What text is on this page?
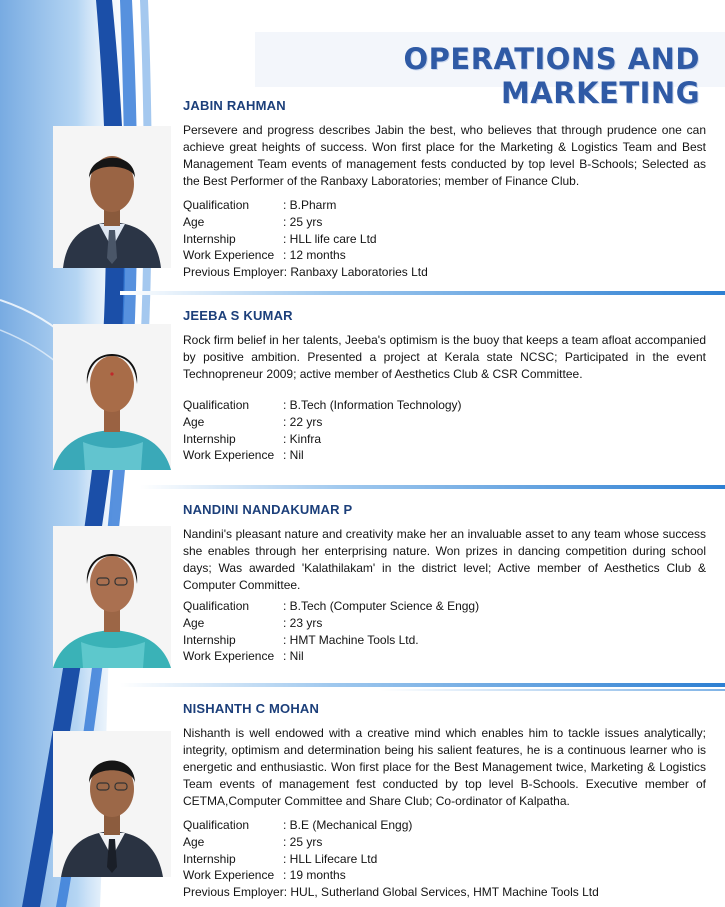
OPERATIONS AND MARKETING
JABIN RAHMAN
Persevere and progress describes Jabin the best, who believes that through prudence one can achieve great heights of success. Won first place for the Marketing & Logistics Team and Best Management Team events of management fests conducted by top level B-Schools; Selected as the Best Performer of the Ranbaxy Laboratories; member of Finance Club.
Qualification	: B.Pharm
Age	: 25 yrs
Internship	: HLL life care Ltd
Work Experience : 12 months
Previous Employer: Ranbaxy Laboratories Ltd
JEEBA S KUMAR
Rock firm belief in her talents, Jeeba's optimism is the buoy that keeps a team afloat accompanied by positive ambition. Presented a project at Kerala state NCSC; Participated in the event Technopreneur 2009; active member of Aesthetics Club & CSR Committee.
Qualification	: B.Tech (Information Technology)
Age	: 22 yrs
Internship	: Kinfra
Work Experience : Nil
NANDINI NANDAKUMAR P
Nandini's pleasant nature and creativity make her an invaluable asset to any team whose success she enables through her enterprising nature. Won prizes in dancing competition during school days; Was awarded 'Kalathilakam' in the district level; Active member of Aesthetics Club & Computer Committee.
Qualification	: B.Tech (Computer Science & Engg)
Age	: 23 yrs
Internship	: HMT Machine Tools Ltd.
Work Experience : Nil
NISHANTH C MOHAN
Nishanth is well endowed with a creative mind which enables him to tackle issues analytically; integrity, optimism and determination being his salient features, he is a continuous learner who is energetic and enthusiastic. Won first place for the Best Management twice, Marketing & Logistics Team events of management fest conducted by top level B-Schools. Executive member of CETMA,Computer Committee and Share Club; Co-ordinator of Kalpatha.
Qualification	: B.E (Mechanical Engg)
Age	: 25 yrs
Internship	: HLL Lifecare Ltd
Work Experience : 19 months
Previous Employer: HUL, Sutherland Global Services, HMT Machine Tools Ltd
